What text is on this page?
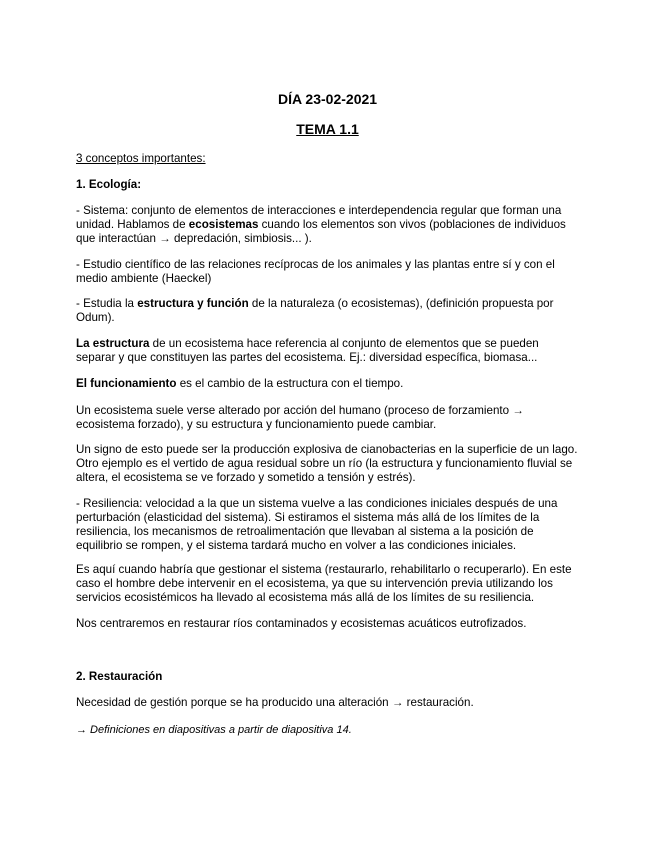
DÍA 23-02-2021

TEMA 1.1

3 conceptos importantes:

1. Ecología:

- Sistema: conjunto de elementos de interacciones e interdependencia regular que forman una unidad. Hablamos de ecosistemas cuando los elementos son vivos (poblaciones de individuos que interactúan → depredación, simbiosis... ).

- Estudio científico de las relaciones recíprocas de los animales y las plantas entre sí y con el medio ambiente (Haeckel)

- Estudia la estructura y función de la naturaleza (o ecosistemas), (definición propuesta por Odum).

La estructura de un ecosistema hace referencia al conjunto de elementos que se pueden separar y que constituyen las partes del ecosistema. Ej.: diversidad específica, biomasa...

El funcionamiento es el cambio de la estructura con el tiempo.

Un ecosistema suele verse alterado por acción del humano (proceso de forzamiento → ecosistema forzado), y su estructura y funcionamiento puede cambiar.

Un signo de esto puede ser la producción explosiva de cianobacterias en la superficie de un lago. Otro ejemplo es el vertido de agua residual sobre un río (la estructura y funcionamiento fluvial se altera, el ecosistema se ve forzado y sometido a tensión y estrés).

- Resiliencia: velocidad a la que un sistema vuelve a las condiciones iniciales después de una perturbación (elasticidad del sistema). Si estiramos el sistema más allá de los límites de la resiliencia, los mecanismos de retroalimentación que llevaban al sistema a la posición de equilibrio se rompen, y el sistema tardará mucho en volver a las condiciones iniciales.

Es aquí cuando habría que gestionar el sistema (restaurarlo, rehabilitarlo o recuperarlo). En este caso el hombre debe intervenir en el ecosistema, ya que su intervención previa utilizando los servicios ecosistémicos ha llevado al ecosistema más allá de los límites de su resiliencia.

Nos centraremos en restaurar ríos contaminados y ecosistemas acuáticos eutrofizados.

2. Restauración

Necesidad de gestión porque se ha producido una alteración → restauración.

→ Definiciones en diapositivas a partir de diapositiva 14.
